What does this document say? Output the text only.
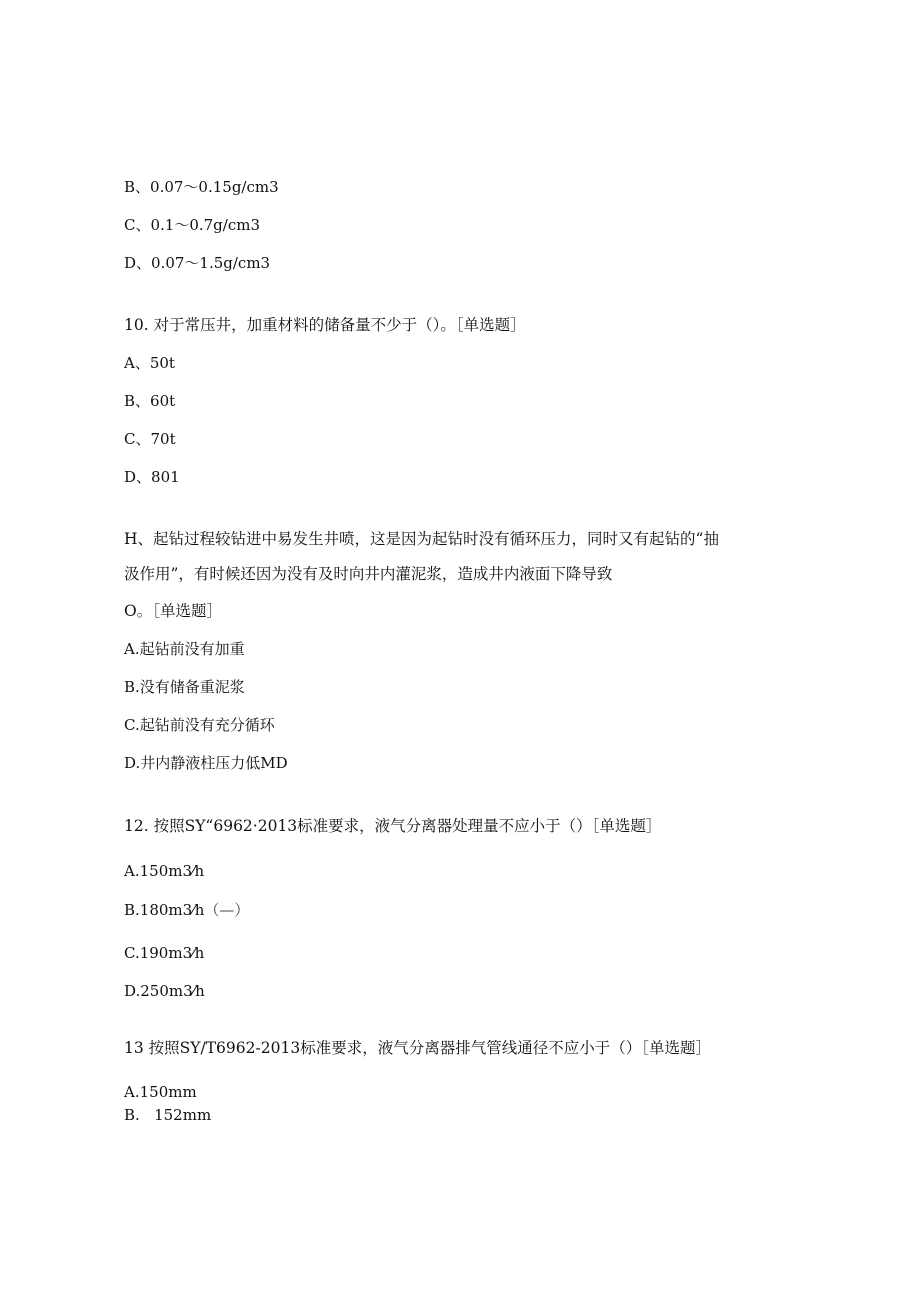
B、0.07～0.15g/cm3
C、0.1～0.7g/cm3
D、0.07～1.5g/cm3
10. 对于常压井，加重材料的储备量不少于（）。［单选题］
A、50t
B、60t
C、70t
D、801
H、起钻过程较钻进中易发生井喷，这是因为起钻时没有循环压力，同时又有起钻的“抽
汲作用”，有时候还因为没有及时向井内灌泥浆，造成井内液面下降导致
O。［单选题］
A.起钻前没有加重
B.没有储备重泥浆
C.起钻前没有充分循环
D.井内静液柱压力低MD
12. 按照SY“6962·2013标准要求，液气分离器处理量不应小于（）［单选题］
A.150m3⁄h
B.180m3⁄h（—）
C.190m3⁄h
D.250m3⁄h
13 按照SY/T6962-2013标准要求，液气分离器排气管线通径不应小于（）［单选题］
A.150mm
B.   152mm
